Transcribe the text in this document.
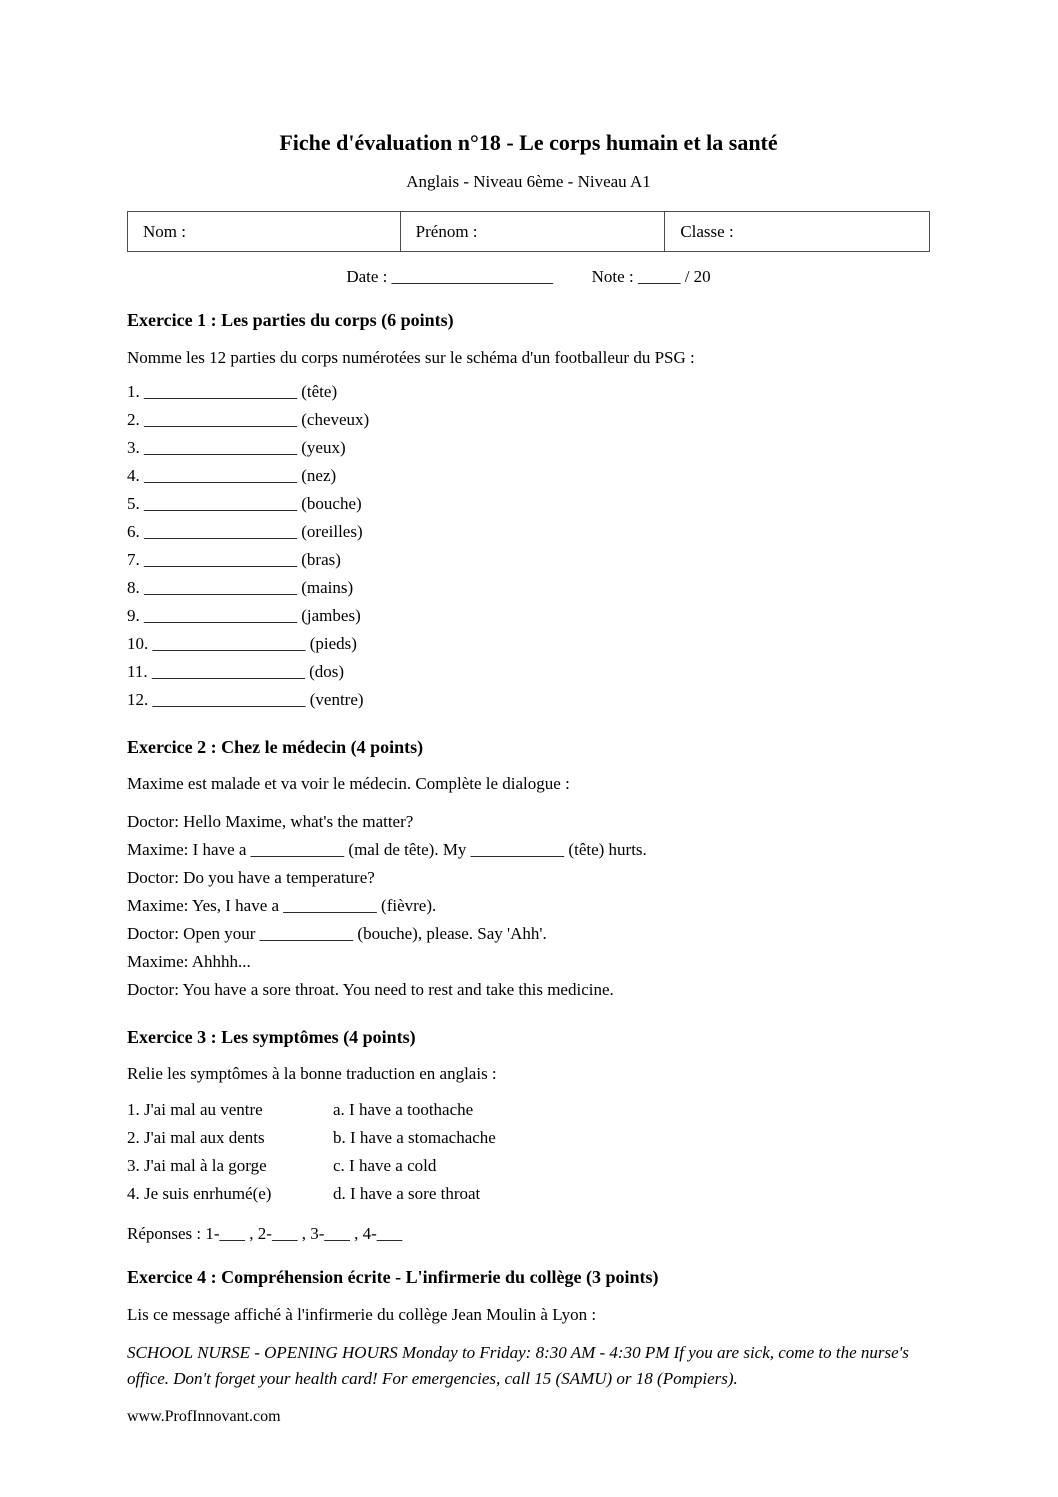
Fiche d'évaluation n°18 - Le corps humain et la santé
Anglais - Niveau 6ème - Niveau A1
Nom :	Prénom :	Classe :
Date : ___________________ Note : _____ / 20
Exercice 1 : Les parties du corps (6 points)

Nomme les 12 parties du corps numérotées sur le schéma d'un footballeur du PSG :

1. __________________ (tête)
2. __________________ (cheveux)
3. __________________ (yeux)
4. __________________ (nez)
5. __________________ (bouche)
6. __________________ (oreilles)
7. __________________ (bras)
8. __________________ (mains)
9. __________________ (jambes)
10. __________________ (pieds)
11. __________________ (dos)
12. __________________ (ventre)
Exercice 2 : Chez le médecin (4 points)

Maxime est malade et va voir le médecin. Complète le dialogue :

Doctor: Hello Maxime, what's the matter?
Maxime: I have a ___________ (mal de tête). My ___________ (tête) hurts.
Doctor: Do you have a temperature?
Maxime: Yes, I have a ___________ (fièvre).
Doctor: Open your ___________ (bouche), please. Say 'Ahh'.
Maxime: Ahhhh...
Doctor: You have a sore throat. You need to rest and take this medicine.
Exercice 3 : Les symptômes (4 points)

Relie les symptômes à la bonne traduction en anglais :

1. J'ai mal au ventre	a. I have a toothache
2. J'ai mal aux dents	b. I have a stomachache
3. J'ai mal à la gorge	c. I have a cold
4. Je suis enrhumé(e)	d. I have a sore throat

Réponses : 1-___ , 2-___ , 3-___ , 4-___

Exercice 4 : Compréhension écrite - L'infirmerie du collège (3 points)

Lis ce message affiché à l'infirmerie du collège Jean Moulin à Lyon :

SCHOOL NURSE - OPENING HOURS Monday to Friday: 8:30 AM - 4:30 PM If you are sick, come to the nurse's office. Don't forget your health card! For emergencies, call 15 (SAMU) or 18 (Pompiers).

www.ProfInnovant.com
